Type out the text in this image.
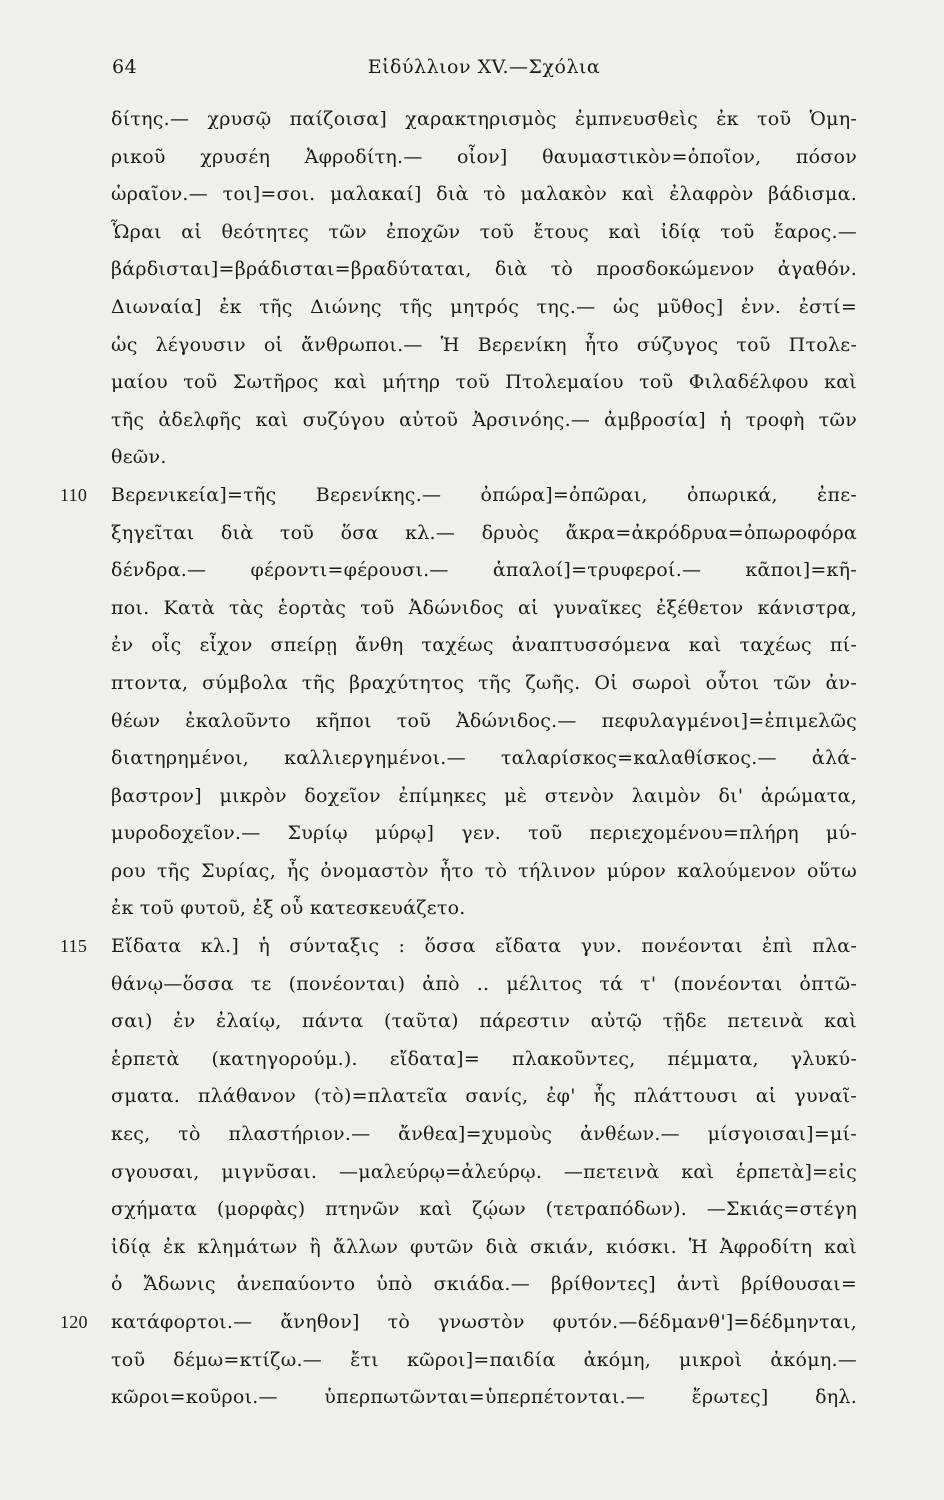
64	Εἰδύλλιον XV.—Σχόλια
δίτης.— χρυσῷ παίζοισα] χαρακτηρισμὸς ἐμπνευσθεὶς ἐκ τοῦ Ὁμη-
ρικοῦ χρυσέη Ἀφροδίτη.— οἶον] θαυμαστικὸν=ὁποῖον, πόσον
ὡραῖον.— τοι]=σοι. μαλακαί] διὰ τὸ μαλακὸν καὶ ἐλαφρὸν βάδισμα.
Ὧραι αἱ θεότητες τῶν ἐποχῶν τοῦ ἔτους καὶ ἰδίᾳ τοῦ ἔαρος.—
βάρδισται]=βράδισται=βραδύταται, διὰ τὸ προσδοκώμενον ἀγαθόν.
Διωναία] ἐκ τῆς Διώνης τῆς μητρός της.— ὡς μῦθος] ἐνν. ἐστί=
ὡς λέγουσιν οἱ ἄνθρωποι.— Ἡ Βερενίκη ἦτο σύζυγος τοῦ Πτολε-
μαίου τοῦ Σωτῆρος καὶ μήτηρ τοῦ Πτολεμαίου τοῦ Φιλαδέλφου καὶ
τῆς ἀδελφῆς καὶ συζύγου αὐτοῦ Ἀρσινόης.— ἀμβροσία] ἡ τροφὴ τῶν
θεῶν.
110 Βερενικεία]=τῆς Βερενίκης.— ὀπώρα]=ὀπῶραι, ὀπωρικά, ἐπε-
ξηγεῖται διὰ τοῦ ὅσα κλ.— δρυὸς ἄκρα=ἀκρόδρυα=ὀπωροφόρα
δένδρα.— φέροντι=φέρουσι.— ἁπαλοί]=τρυφεροί.— κᾶποι]=κῆ-
ποι. Κατὰ τὰς ἑορτὰς τοῦ Ἀδώνιδος αἱ γυναῖκες ἐξέθετον κάνιστρα,
ἐν οἷς εἶχον σπείρῃ ἄνθη ταχέως ἀναπτυσσόμενα καὶ ταχέως πί-
πτοντα, σύμβολα τῆς βραχύτητος τῆς ζωῆς. Οἱ σωροὶ οὗτοι τῶν ἀν-
θέων ἐκαλοῦντο κῆποι τοῦ Ἀδώνιδος.— πεφυλαγμένοι]=ἐπιμελῶς
διατηρημένοι, καλλιεργημένοι.— ταλαρίσκος=καλαθίσκος.— ἀλά-
βαστρον] μικρὸν δοχεῖον ἐπίμηκες μὲ στενὸν λαιμὸν δι' ἀρώματα,
μυροδοχεῖον.— Συρίῳ μύρῳ] γεν. τοῦ περιεχομένου=πλήρη μύ-
ρου τῆς Συρίας, ἧς ὀνομαστὸν ἦτο τὸ τήλινον μύρον καλούμενον οὕτω
ἐκ τοῦ φυτοῦ, ἐξ οὗ κατεσκευάζετο.
115 Εἴδατα κλ.] ἡ σύνταξις : ὅσσα εἴδατα γυν. πονέονται ἐπὶ πλα-
θάνῳ—ὅσσα τε (πονέονται) ἀπὸ .. μέλιτος τά τ' (πονέονται ὀπτῶ-
σαι) ἐν ἐλαίῳ, πάντα (ταῦτα) πάρεστιν αὐτῷ τῇδε πετεινὰ καὶ
ἑρπετὰ (κατηγορούμ.). εἴδατα]= πλακοῦντες, πέμματα, γλυκύ-
σματα. πλάθανον (τὸ)=πλατεῖα σανίς, ἐφ' ἧς πλάττουσι αἱ γυναῖ-
κες, τὸ πλαστήριον.— ἄνθεα]=χυμοὺς ἀνθέων.— μίσγοισαι]=μί-
σγουσαι, μιγνῦσαι. —μαλεύρῳ=ἀλεύρῳ. —πετεινὰ καὶ ἑρπετὰ]=εἰς
σχήματα (μορφὰς) πτηνῶν καὶ ζῴων (τετραπόδων). —Σκιάς=στέγη
ἰδίᾳ ἐκ κλημάτων ἢ ἄλλων φυτῶν διὰ σκιάν, κιόσκι. Ἡ Ἀφροδίτη καὶ
ὁ Ἄδωνις ἀνεπαύοντο ὑπὸ σκιάδα.— βρίθοντες] ἀντὶ βρίθουσαι=
120 κατάφορτοι.— ἄνηθον] τὸ γνωστὸν φυτόν.—δέδμανθ']=δέδμηνται,
τοῦ δέμω=κτίζω.— ἔτι κῶροι]=παιδία ἀκόμη, μικροὶ ἀκόμη.—
κῶροι=κοῦροι.— ὑπερπωτῶνται=ὑπερπέτονται.— ἔρωτες] δηλ.
